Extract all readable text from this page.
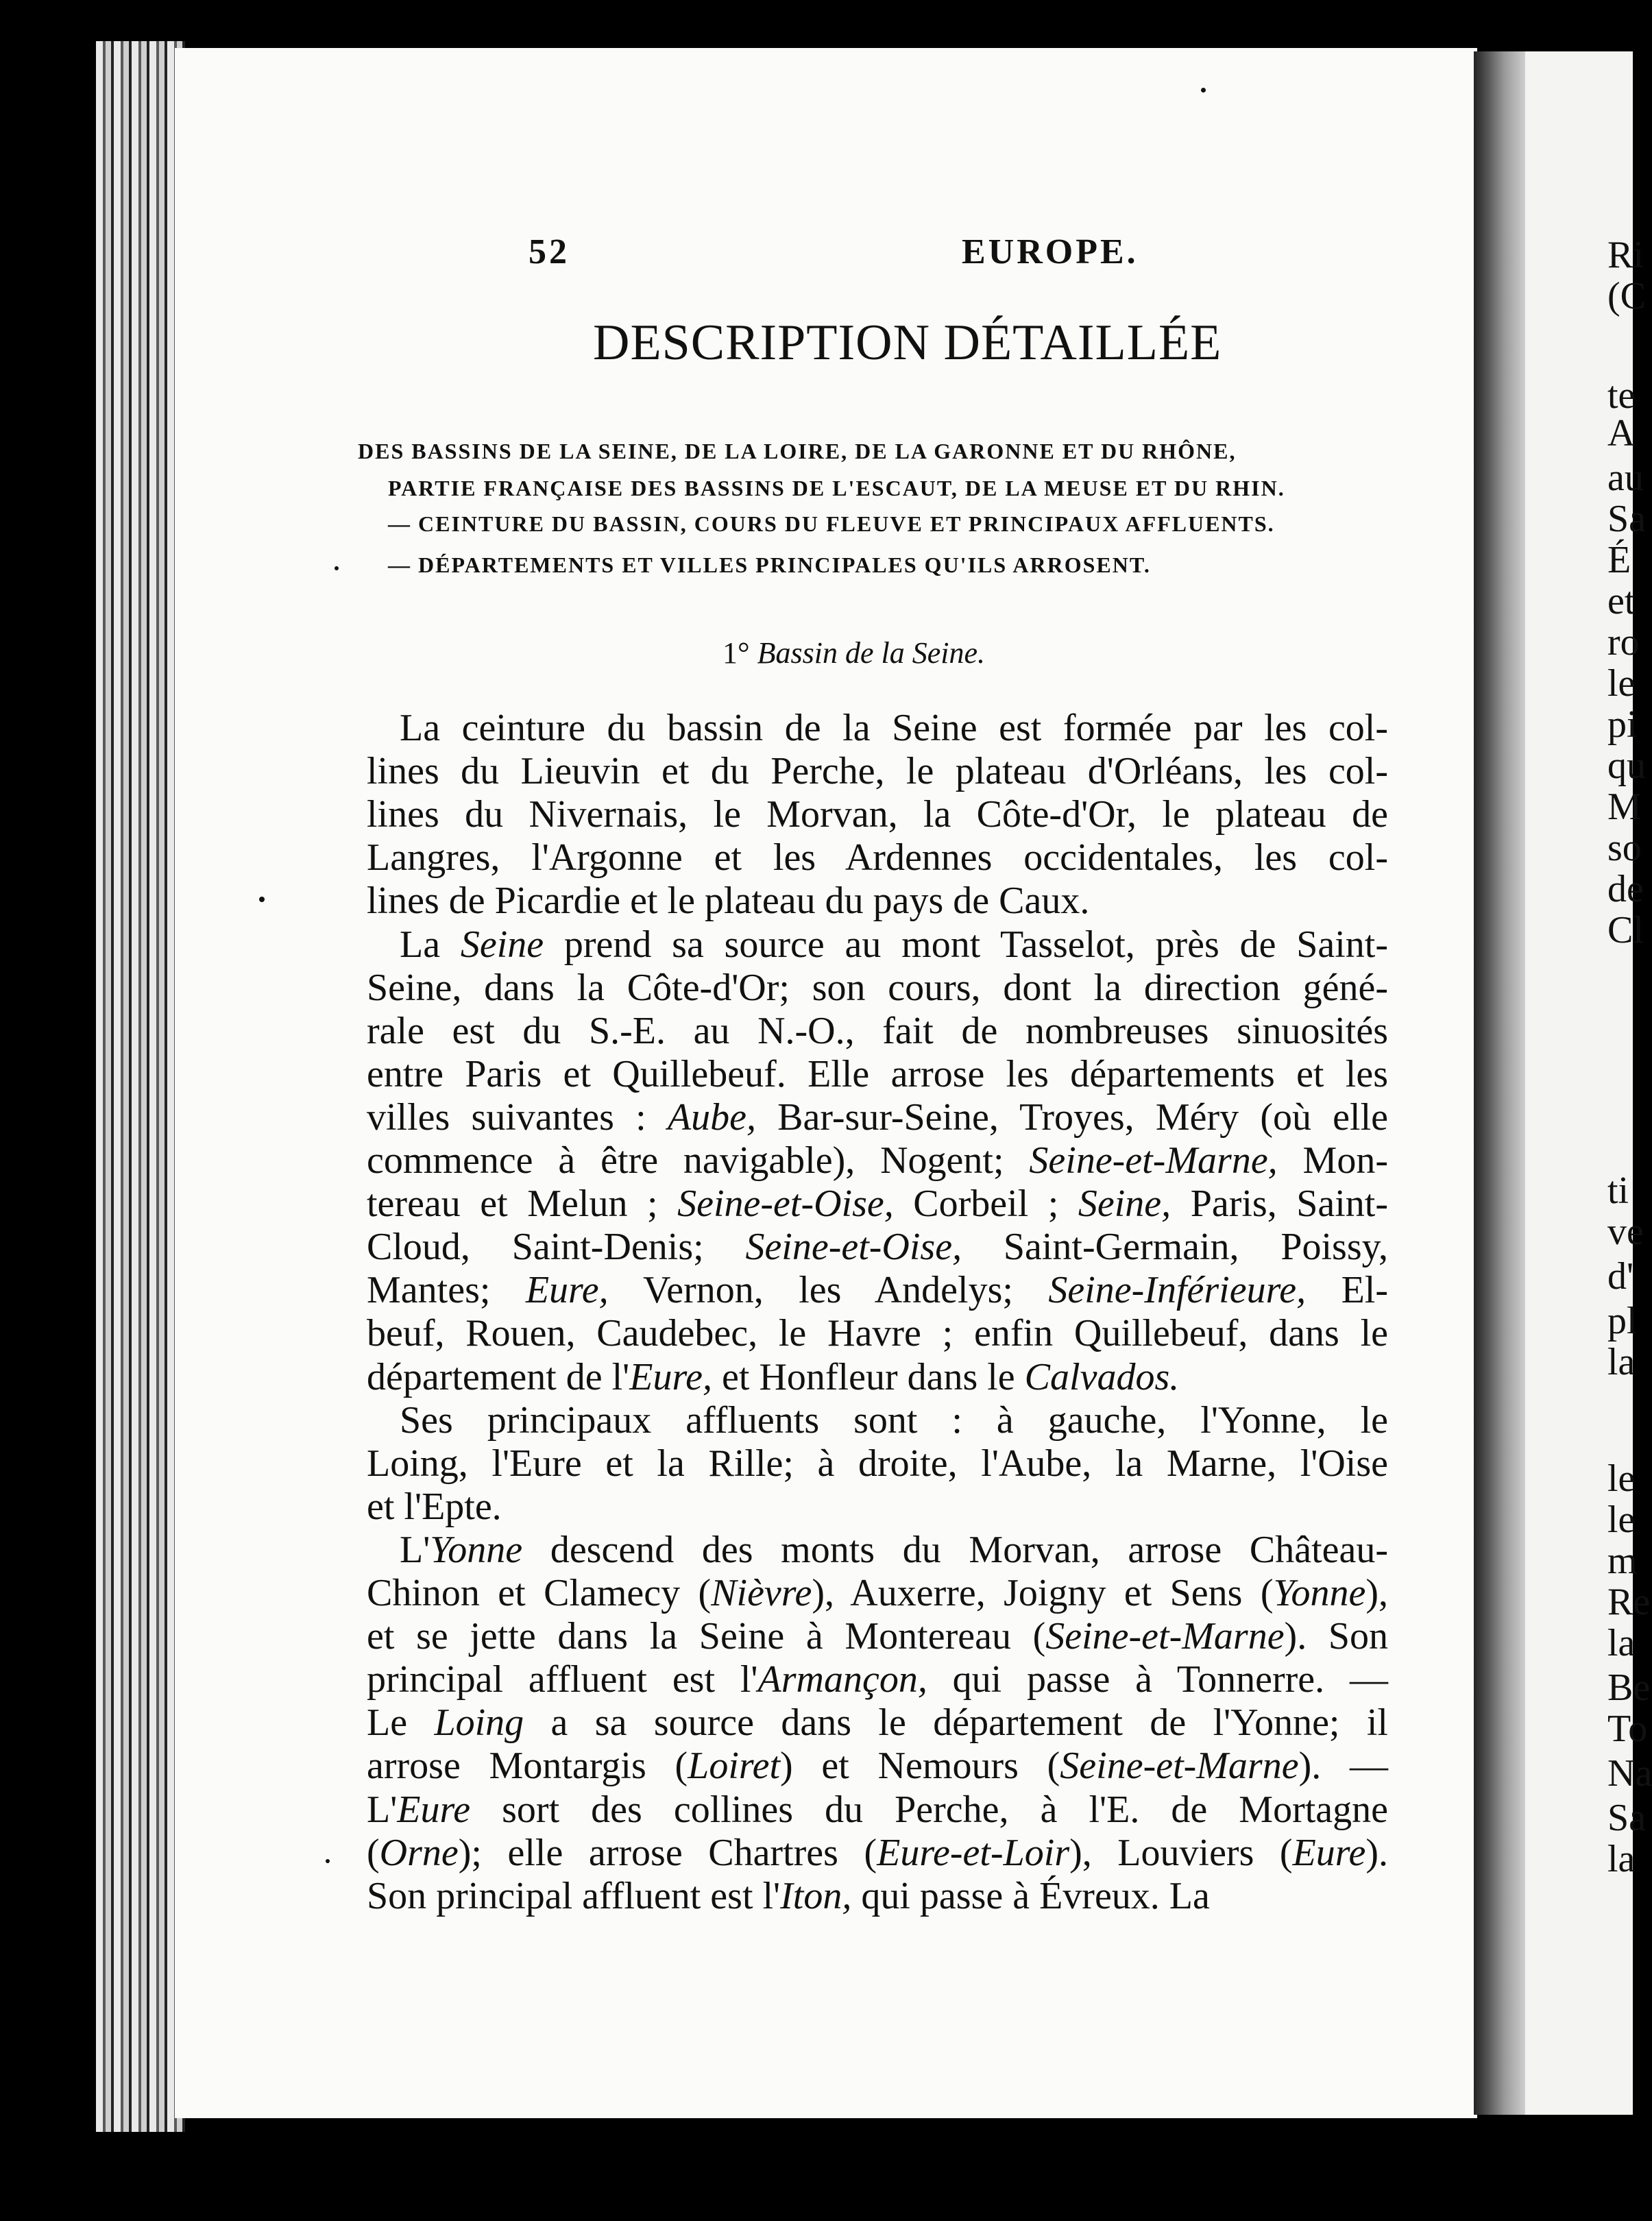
52	EUROPE.
DESCRIPTION DÉTAILLÉE
DES BASSINS DE LA SEINE, DE LA LOIRE, DE LA GARONNE ET DU RHÔNE,
PARTIE FRANÇAISE DES BASSINS DE L'ESCAUT, DE LA MEUSE ET DU RHIN.
— CEINTURE DU BASSIN, COURS DU FLEUVE ET PRINCIPAUX AFFLUENTS.
— DÉPARTEMENTS ET VILLES PRINCIPALES QU'ILS ARROSENT.
1° Bassin de la Seine.
La ceinture du bassin de la Seine est formée par les col-
lines du Lieuvin et du Perche, le plateau d'Orléans, les col-
lines du Nivernais, le Morvan, la Côte-d'Or, le plateau de
Langres, l'Argonne et les Ardennes occidentales, les col-
lines de Picardie et le plateau du pays de Caux.
La Seine prend sa source au mont Tasselot, près de Saint-
Seine, dans la Côte-d'Or; son cours, dont la direction géné-
rale est du S.-E. au N.-O., fait de nombreuses sinuosités
entre Paris et Quillebeuf. Elle arrose les départements et les
villes suivantes : Aube, Bar-sur-Seine, Troyes, Méry (où elle
commence à être navigable), Nogent; Seine-et-Marne, Mon-
tereau et Melun ; Seine-et-Oise, Corbeil ; Seine, Paris, Saint-
Cloud, Saint-Denis; Seine-et-Oise, Saint-Germain, Poissy,
Mantes; Eure, Vernon, les Andelys; Seine-Inférieure, El-
beuf, Rouen, Caudebec, le Havre ; enfin Quillebeuf, dans le
département de l'Eure, et Honfleur dans le Calvados.
Ses principaux affluents sont : à gauche, l'Yonne, le
Loing, l'Eure et la Rille; à droite, l'Aube, la Marne, l'Oise
et l'Epte.
L'Yonne descend des monts du Morvan, arrose Château-
Chinon et Clamecy (Nièvre), Auxerre, Joigny et Sens (Yonne),
et se jette dans la Seine à Montereau (Seine-et-Marne). Son
principal affluent est l'Armançon, qui passe à Tonnerre. —
Le Loing a sa source dans le département de l'Yonne; il
arrose Montargis (Loiret) et Nemours (Seine-et-Marne). —
L'Eure sort des collines du Perche, à l'E. de Mortagne
(Orne); elle arrose Chartres (Eure-et-Loir), Louviers (Eure).
Son principal affluent est l'Iton, qui passe à Évreux. La
Ri
(C
te
A
au
Sa
É
et
ro
le
pi
qu
M
so
de
Cl
ti
ve
d'
pl
la
le
le
m
Re
la
Be
To
Na
Sa
la
